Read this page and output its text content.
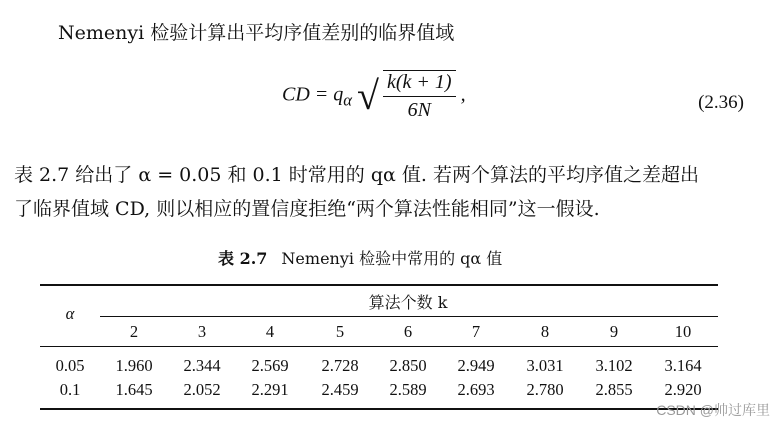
Nemenyi 检验计算出平均序值差别的临界值域
CD = $q_\alpha$ √ $\frac{k(k + 1)}{6N}$ ,	(2.36)
表 2.7 给出了 α = 0.05 和 0.1 时常用的 qα 值. 若两个算法的平均序值之差超出
了临界值域 CD, 则以相应的置信度拒绝“两个算法性能相同”这一假设.
表 2.7 Nemenyi 检验中常用的 qα 值
α
算法个数 k
2	3	4	5	6	7	8	9	10
0.05 1.960 2.344 2.569 2.728 2.850 2.949 3.031 3.102 3.164
0.1 1.645 2.052 2.291 2.459 2.589 2.693 2.780 2.855 2.920
CSDN @帅过库里
